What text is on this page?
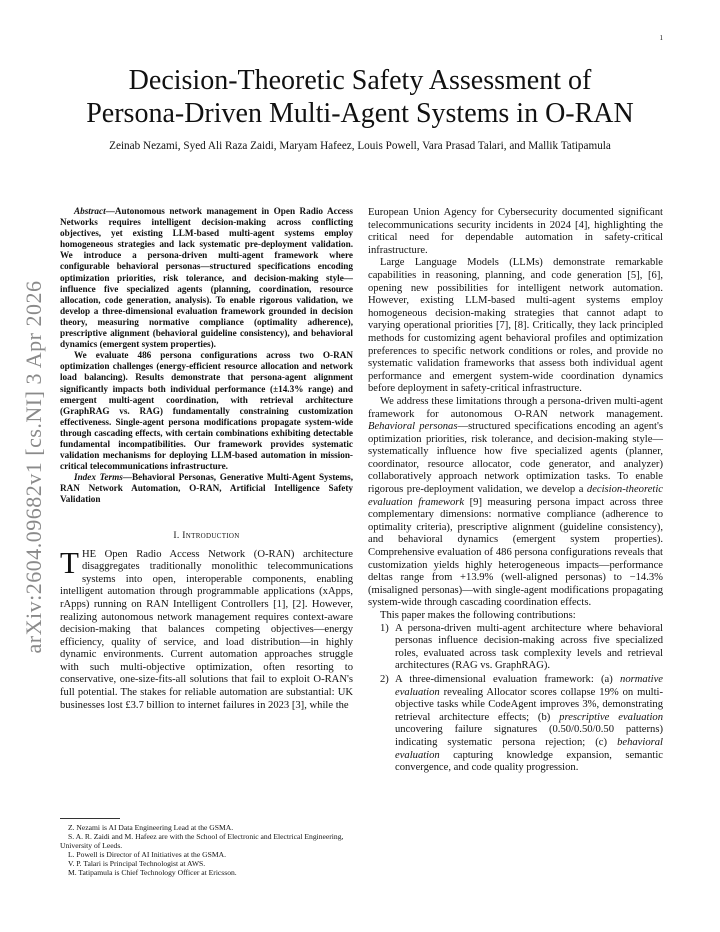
1
arXiv:2604.09682v1 [cs.NI] 3 Apr 2026
Decision-Theoretic Safety Assessment of
Persona-Driven Multi-Agent Systems in O-RAN
Zeinab Nezami, Syed Ali Raza Zaidi, Maryam Hafeez, Louis Powell, Vara Prasad Talari, and Mallik Tatipamula

Abstract—Autonomous network management in Open Radio Access Networks requires intelligent decision-making across conflicting objectives, yet existing LLM-based multi-agent systems employ homogeneous strategies and lack systematic pre-deployment validation. We introduce a persona-driven multi-agent framework where configurable behavioral personas—structured specifications encoding optimization priorities, risk tolerance, and decision-making style—influence five specialized agents (planning, coordination, resource allocation, code generation, analysis). To enable rigorous validation, we develop a three-dimensional evaluation framework grounded in decision theory, measuring normative compliance (optimality adherence), prescriptive alignment (behavioral guideline consistency), and behavioral dynamics (emergent system properties).

We evaluate 486 persona configurations across two O-RAN optimization challenges (energy-efficient resource allocation and network load balancing). Results demonstrate that persona-agent alignment significantly impacts both individual performance (±14.3% range) and emergent multi-agent coordination, with retrieval architecture (GraphRAG vs. RAG) fundamentally constraining customization effectiveness. Single-agent persona modifications propagate system-wide through cascading effects, with certain combinations exhibiting detectable fundamental incompatibilities. Our framework provides systematic validation mechanisms for deploying LLM-based automation in mission-critical telecommunications infrastructure.

Index Terms—Behavioral Personas, Generative Multi-Agent Systems, RAN Network Automation, O-RAN, Artificial Intelligence Safety Validation

I. Introduction

THE Open Radio Access Network (O-RAN) architecture disaggregates traditionally monolithic telecommunications systems into open, interoperable components, enabling intelligent automation through programmable applications (xApps, rApps) running on RAN Intelligent Controllers [1], [2]. However, realizing autonomous network management requires context-aware decision-making that balances competing objectives—energy efficiency, quality of service, and load distribution—in highly dynamic environments. Current automation approaches struggle with such multi-objective optimization, often resorting to conservative, one-size-fits-all solutions that fail to exploit O-RAN's full potential. The stakes for reliable automation are substantial: UK businesses lost £3.7 billion to internet failures in 2023 [3], while the

Z. Nezami is AI Data Engineering Lead at the GSMA.

S. A. R. Zaidi and M. Hafeez are with the School of Electronic and Electrical Engineering, University of Leeds.

L. Powell is Director of AI Initiatives at the GSMA.

V. P. Talari is Principal Technologist at AWS.

M. Tatipamula is Chief Technology Officer at Ericsson.

European Union Agency for Cybersecurity documented significant telecommunications security incidents in 2024 [4], highlighting the critical need for dependable automation in safety-critical infrastructure.

Large Language Models (LLMs) demonstrate remarkable capabilities in reasoning, planning, and code generation [5], [6], opening new possibilities for intelligent network automation. However, existing LLM-based multi-agent systems employ homogeneous decision-making strategies that cannot adapt to varying operational priorities [7], [8]. Critically, they lack principled methods for customizing agent behavioral profiles and optimization preferences to specific network conditions or roles, and provide no systematic validation frameworks that assess both individual agent performance and emergent system-wide coordination dynamics before deployment in safety-critical infrastructure.

We address these limitations through a persona-driven multi-agent framework for autonomous O-RAN network management. Behavioral personas—structured specifications encoding an agent's optimization priorities, risk tolerance, and decision-making style—systematically influence how five specialized agents (planner, coordinator, resource allocator, code generator, and analyzer) collaboratively approach network optimization tasks. To enable rigorous pre-deployment validation, we develop a decision-theoretic evaluation framework [9] measuring persona impact across three complementary dimensions: normative compliance (adherence to optimality criteria), prescriptive alignment (guideline consistency), and behavioral dynamics (emergent system properties). Comprehensive evaluation of 486 persona configurations reveals that customization yields highly heterogeneous impacts—performance deltas range from +13.9% (well-aligned personas) to −14.3% (misaligned personas)—with single-agent modifications propagating system-wide through cascading coordination effects.

This paper makes the following contributions:

1) A persona-driven multi-agent architecture where behavioral personas influence decision-making across five specialized roles, evaluated across task complexity levels and retrieval architectures (RAG vs. GraphRAG).
2) A three-dimensional evaluation framework: (a) normative evaluation revealing Allocator scores collapse 19% on multi-objective tasks while CodeAgent improves 3%, demonstrating retrieval architecture effects; (b) prescriptive evaluation uncovering failure signatures (0.50/0.50/0.50 patterns) indicating systematic persona rejection; (c) behavioral evaluation capturing knowledge expansion, semantic convergence, and code quality progression.
